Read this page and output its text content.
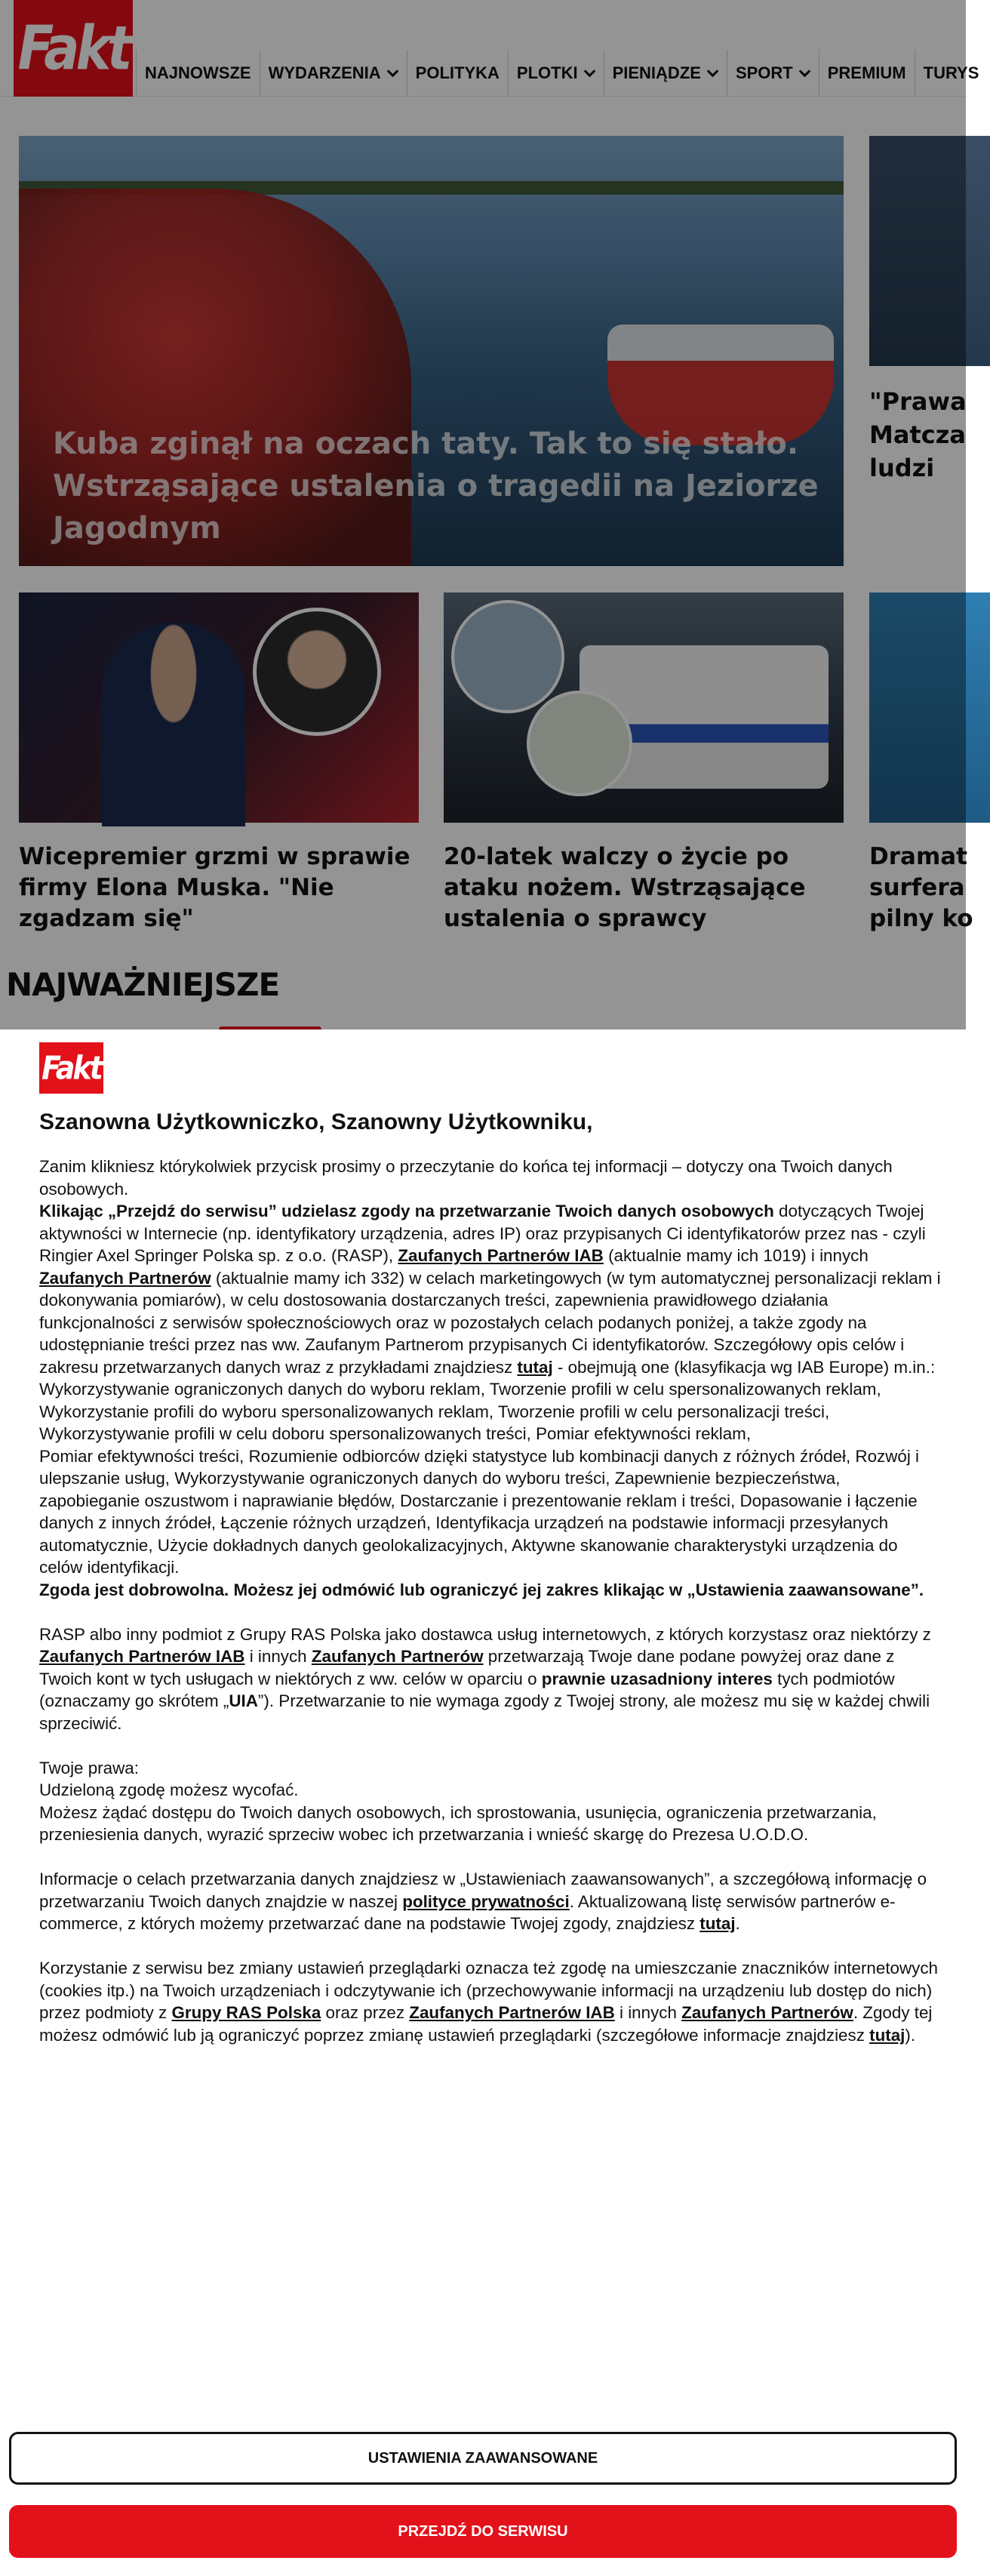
Fakt NAJNOWSZE WYDARZENIA POLITYKA PLOTKI PIENIĄDZE SPORT PREMIUM TURYS
Kuba zginął na oczach taty. Tak to się stało. Wstrząsające ustalenia o tragedii na Jeziorze Jagodnym
"Prawa Matcza ludzi
Wicepremier grzmi w sprawie firmy Elona Muska. "Nie zgadzam się"
20-latek walczy o życie po ataku nożem. Wstrząsające ustalenia o sprawcy
Dramat surfera pilny ko
NAJWAŻNIEJSZE
Fakt
Szanowna Użytkowniczko, Szanowny Użytkowniku,

Zanim klikniesz którykolwiek przycisk prosimy o przeczytanie do końca tej informacji – dotyczy ona Twoich danych osobowych.

Klikając „Przejdź do serwisu” udzielasz zgody na przetwarzanie Twoich danych osobowych dotyczących Twojej aktywności w Internecie (np. identyfikatory urządzenia, adres IP) oraz przypisanych Ci identyfikatorów przez nas - czyli Ringier Axel Springer Polska sp. z o.o. (RASP), Zaufanych Partnerów IAB (aktualnie mamy ich 1019) i innych Zaufanych Partnerów (aktualnie mamy ich 332) w celach marketingowych (w tym automatycznej personalizacji reklam i dokonywania pomiarów), w celu dostosowania dostarczanych treści, zapewnienia prawidłowego działania funkcjonalności z serwisów społecznościowych oraz w pozostałych celach podanych poniżej, a także zgody na udostępnianie treści przez nas ww. Zaufanym Partnerom przypisanych Ci identyfikatorów. Szczegółowy opis celów i zakresu przetwarzanych danych wraz z przykładami znajdziesz tutaj - obejmują one (klasyfikacja wg IAB Europe) m.in.: Wykorzystywanie ograniczonych danych do wyboru reklam, Tworzenie profili w celu spersonalizowanych reklam, Wykorzystanie profili do wyboru spersonalizowanych reklam, Tworzenie profili w celu personalizacji treści, Wykorzystywanie profili w celu doboru spersonalizowanych treści, Pomiar efektywności reklam,

Pomiar efektywności treści, Rozumienie odbiorców dzięki statystyce lub kombinacji danych z różnych źródeł, Rozwój i ulepszanie usług, Wykorzystywanie ograniczonych danych do wyboru treści, Zapewnienie bezpieczeństwa, zapobieganie oszustwom i naprawianie błędów, Dostarczanie i prezentowanie reklam i treści, Dopasowanie i łączenie danych z innych źródeł, Łączenie różnych urządzeń, Identyfikacja urządzeń na podstawie informacji przesyłanych automatycznie, Użycie dokładnych danych geolokalizacyjnych, Aktywne skanowanie charakterystyki urządzenia do celów identyfikacji.

Zgoda jest dobrowolna. Możesz jej odmówić lub ograniczyć jej zakres klikając w „Ustawienia zaawansowane”.

RASP albo inny podmiot z Grupy RAS Polska jako dostawca usług internetowych, z których korzystasz oraz niektórzy z Zaufanych Partnerów IAB i innych Zaufanych Partnerów przetwarzają Twoje dane podane powyżej oraz dane z Twoich kont w tych usługach w niektórych z ww. celów w oparciu o prawnie uzasadniony interes tych podmiotów (oznaczamy go skrótem „UIA”). Przetwarzanie to nie wymaga zgody z Twojej strony, ale możesz mu się w każdej chwili sprzeciwić.

Twoje prawa:

Udzieloną zgodę możesz wycofać.

Możesz żądać dostępu do Twoich danych osobowych, ich sprostowania, usunięcia, ograniczenia przetwarzania, przeniesienia danych, wyrazić sprzeciw wobec ich przetwarzania i wnieść skargę do Prezesa U.O.D.O.

Informacje o celach przetwarzania danych znajdziesz w „Ustawieniach zaawansowanych”, a szczegółową informację o przetwarzaniu Twoich danych znajdzie w naszej polityce prywatności. Aktualizowaną listę serwisów partnerów e-commerce, z których możemy przetwarzać dane na podstawie Twojej zgody, znajdziesz tutaj.

Korzystanie z serwisu bez zmiany ustawień przeglądarki oznacza też zgodę na umieszczanie znaczników internetowych (cookies itp.) na Twoich urządzeniach i odczytywanie ich (przechowywanie informacji na urządzeniu lub dostęp do nich) przez podmioty z Grupy RAS Polska oraz przez Zaufanych Partnerów IAB i innych Zaufanych Partnerów. Zgody tej możesz odmówić lub ją ograniczyć poprzez zmianę ustawień przeglądarki (szczegółowe informacje znajdziesz tutaj).

USTAWIENIA ZAAWANSOWANE
PRZEJDŹ DO SERWISU
